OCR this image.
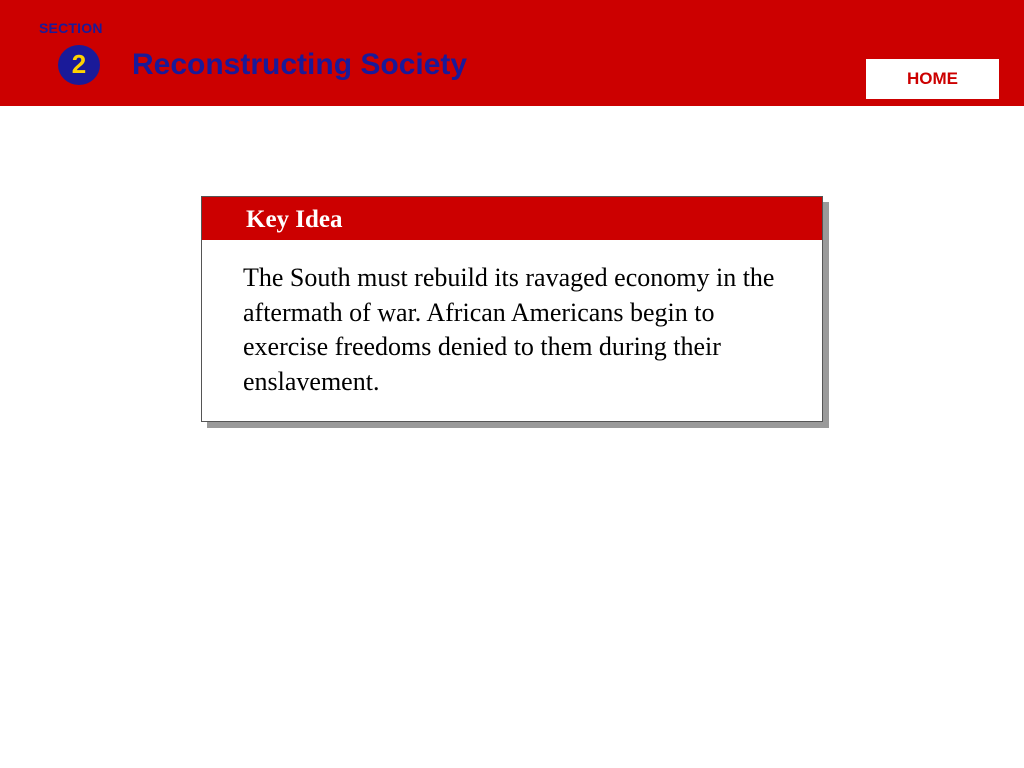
SECTION
2	Reconstructing Society	HOME
Key Idea
The South must rebuild its ravaged economy in the aftermath of war. African Americans begin to exercise freedoms denied to them during their enslavement.
